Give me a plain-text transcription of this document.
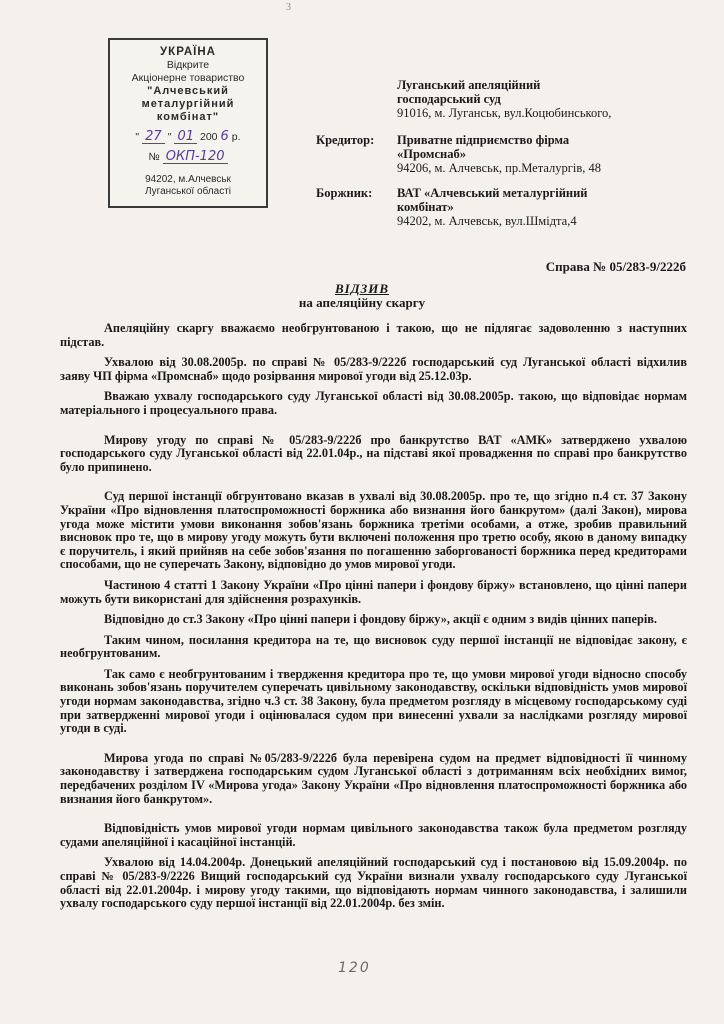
3
УКРАЇНА
Відкрите
Акціонерне товариство
"Алчевський
металургійний
комбінат"
" 27 " 01 200 6 р.
№ ОКП-120
94202, м.Алчевськ
Луганської області
Луганський апеляційний
господарський суд
91016, м. Луганськ, вул.Коцюбинського,
Кредитор: Приватне підприємство фірма
«Промснаб»
94206, м. Алчевськ, пр.Металургів, 48
Боржник: ВАТ «Алчевський металургійний
комбінат»
94202, м. Алчевськ, вул.Шмідта,4
Справа № 05/283-9/222б
ВІДЗИВ
на апеляційну скаргу

Апеляційну скаргу вважаємо необгрунтованою і такою, що не підлягає задоволенню з наступних підстав.

Ухвалою від 30.08.2005р. по справі № 05/283-9/222б господарський суд Луганської області відхилив заяву ЧП фірма «Промснаб» щодо розірвання мирової угоди від 25.12.03р.

Вважаю ухвалу господарського суду Луганської області від 30.08.2005р. такою, що відповідає нормам матеріального і процесуального права.

Мирову угоду по справі № 05/283-9/222б про банкрутство ВАТ «АМК» затверджено ухвалою господарського суду Луганської області від 22.01.04р., на підставі якої провадження по справі про банкрутство було припинено.

Суд першої інстанції обгрунтовано вказав в ухвалі від 30.08.2005р. про те, що згідно п.4 ст. 37 Закону України «Про відновлення платоспроможності боржника або визнання його банкрутом» (далі Закон), мирова угода може містити умови виконання зобов'язань боржника третіми особами, а отже, зробив правильний висновок про те, що в мирову угоду можуть бути включені положення про третю особу, якою в даному випадку є поручитель, і який прийняв на себе зобов'язання по погашенню заборгованості боржника перед кредиторами способами, що не суперечать Закону, відповідно до умов мирової угоди.

Частиною 4 статті 1 Закону України «Про цінні папери і фондову біржу» встановлено, що цінні папери можуть бути використані для здійснення розрахунків.

Відповідно до ст.3 Закону «Про цінні папери і фондову біржу», акції є одним з видів цінних паперів.

Таким чином, посилання кредитора на те, що висновок суду першої інстанції не відповідає закону, є необгрунтованим.

Так само є необгрунтованим і твердження кредитора про те, що умови мирової угоди відносно способу виконань зобов'язань поручителем суперечать цивільному законодавству, оскільки відповідність умов мирової угоди нормам законодавства, згідно ч.3 ст. 38 Закону, була предметом розгляду в місцевому господарському суді при затвердженні мирової угоди і оцінювалася судом при винесенні ухвали за наслідками розгляду мирової угоди в суді.

Мирова угода по справі №05/283-9/222б була перевірена судом на предмет відповідності її чинному законодавству і затверджена господарським судом Луганської області з дотриманням всіх необхідних вимог, передбачених розділом IV «Мирова угода» Закону України «Про відновлення платоспроможності боржника або визнания його банкрутом».

Відповідність умов мирової угоди нормам цивільного законодавства також була предметом розгляду судами апеляційної і касаційної інстанцій.

Ухвалою від 14.04.2004р. Донецький апеляційний господарський суд і постановою від 15.09.2004р. по справі № 05/283-9/2226 Вищий господарський суд України визнали ухвалу господарського суду Луганської області від 22.01.2004р. і мирову угоду такими, що відповідають нормам чинного законодавства, і залишили ухвалу господарського суду першої інстанції від 22.01.2004р. без змін.

120
